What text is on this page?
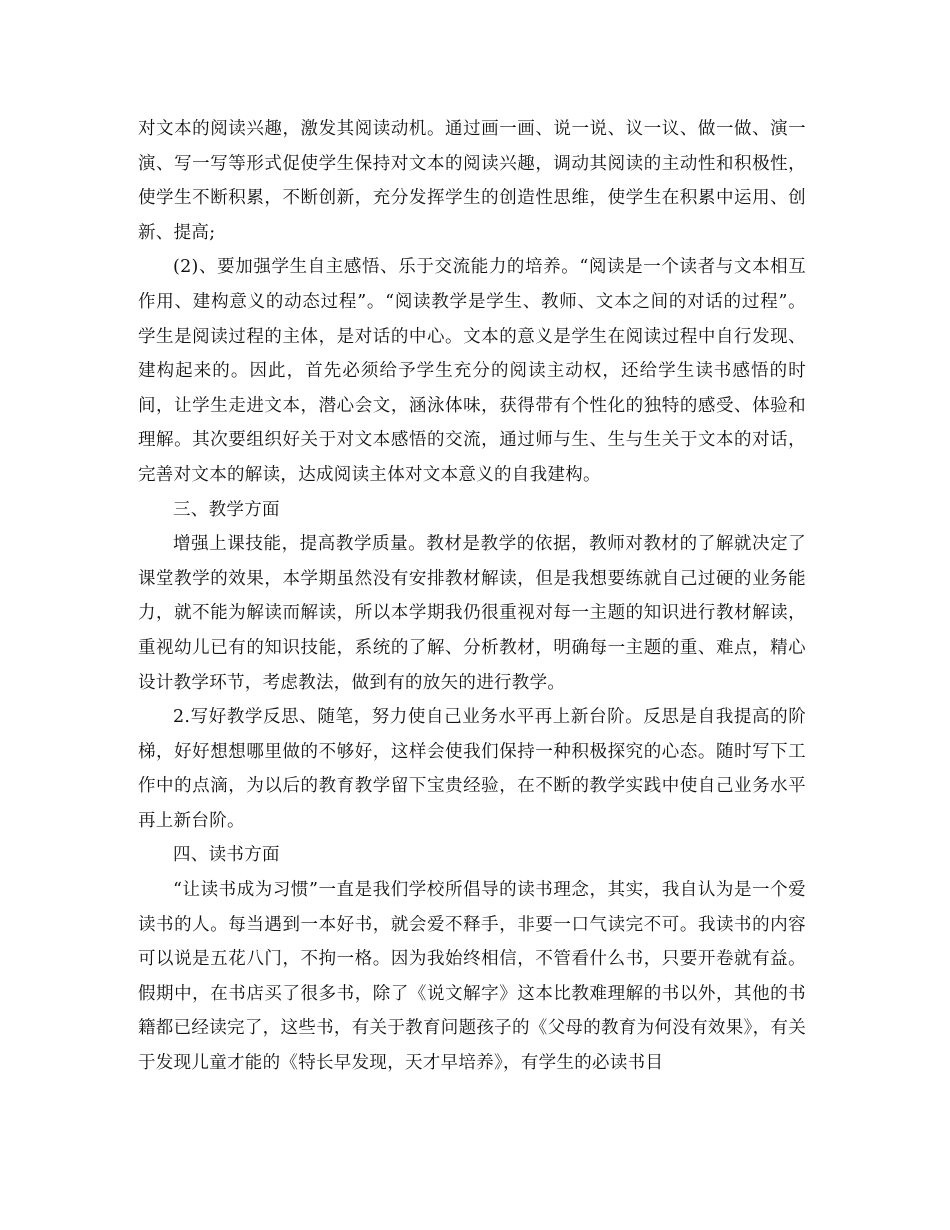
对文本的阅读兴趣，激发其阅读动机。通过画一画、说一说、议一议、做一做、演一演、写一写等形式促使学生保持对文本的阅读兴趣，调动其阅读的主动性和积极性，使学生不断积累，不断创新，充分发挥学生的创造性思维，使学生在积累中运用、创新、提高;

(2)、要加强学生自主感悟、乐于交流能力的培养。“阅读是一个读者与文本相互作用、建构意义的动态过程”。“阅读教学是学生、教师、文本之间的对话的过程”。学生是阅读过程的主体，是对话的中心。文本的意义是学生在阅读过程中自行发现、建构起来的。因此，首先必须给予学生充分的阅读主动权，还给学生读书感悟的时间，让学生走进文本，潜心会文，涵泳体味，获得带有个性化的独特的感受、体验和理解。其次要组织好关于对文本感悟的交流，通过师与生、生与生关于文本的对话，完善对文本的解读，达成阅读主体对文本意义的自我建构。

三、教学方面

增强上课技能，提高教学质量。教材是教学的依据，教师对教材的了解就决定了课堂教学的效果，本学期虽然没有安排教材解读，但是我想要练就自己过硬的业务能力，就不能为解读而解读，所以本学期我仍很重视对每一主题的知识进行教材解读，重视幼儿已有的知识技能，系统的了解、分析教材，明确每一主题的重、难点，精心设计教学环节，考虑教法，做到有的放矢的进行教学。

2.写好教学反思、随笔，努力使自己业务水平再上新台阶。反思是自我提高的阶梯，好好想想哪里做的不够好，这样会使我们保持一种积极探究的心态。随时写下工作中的点滴，为以后的教育教学留下宝贵经验，在不断的教学实践中使自己业务水平再上新台阶。

四、读书方面

“让读书成为习惯”一直是我们学校所倡导的读书理念，其实，我自认为是一个爱读书的人。每当遇到一本好书，就会爱不释手，非要一口气读完不可。我读书的内容可以说是五花八门，不拘一格。因为我始终相信，不管看什么书，只要开卷就有益。假期中，在书店买了很多书，除了《说文解字》这本比教难理解的书以外，其他的书籍都已经读完了，这些书，有关于教育问题孩子的《父母的教育为何没有效果》，有关于发现儿童才能的《特长早发现，天才早培养》，有学生的必读书目
